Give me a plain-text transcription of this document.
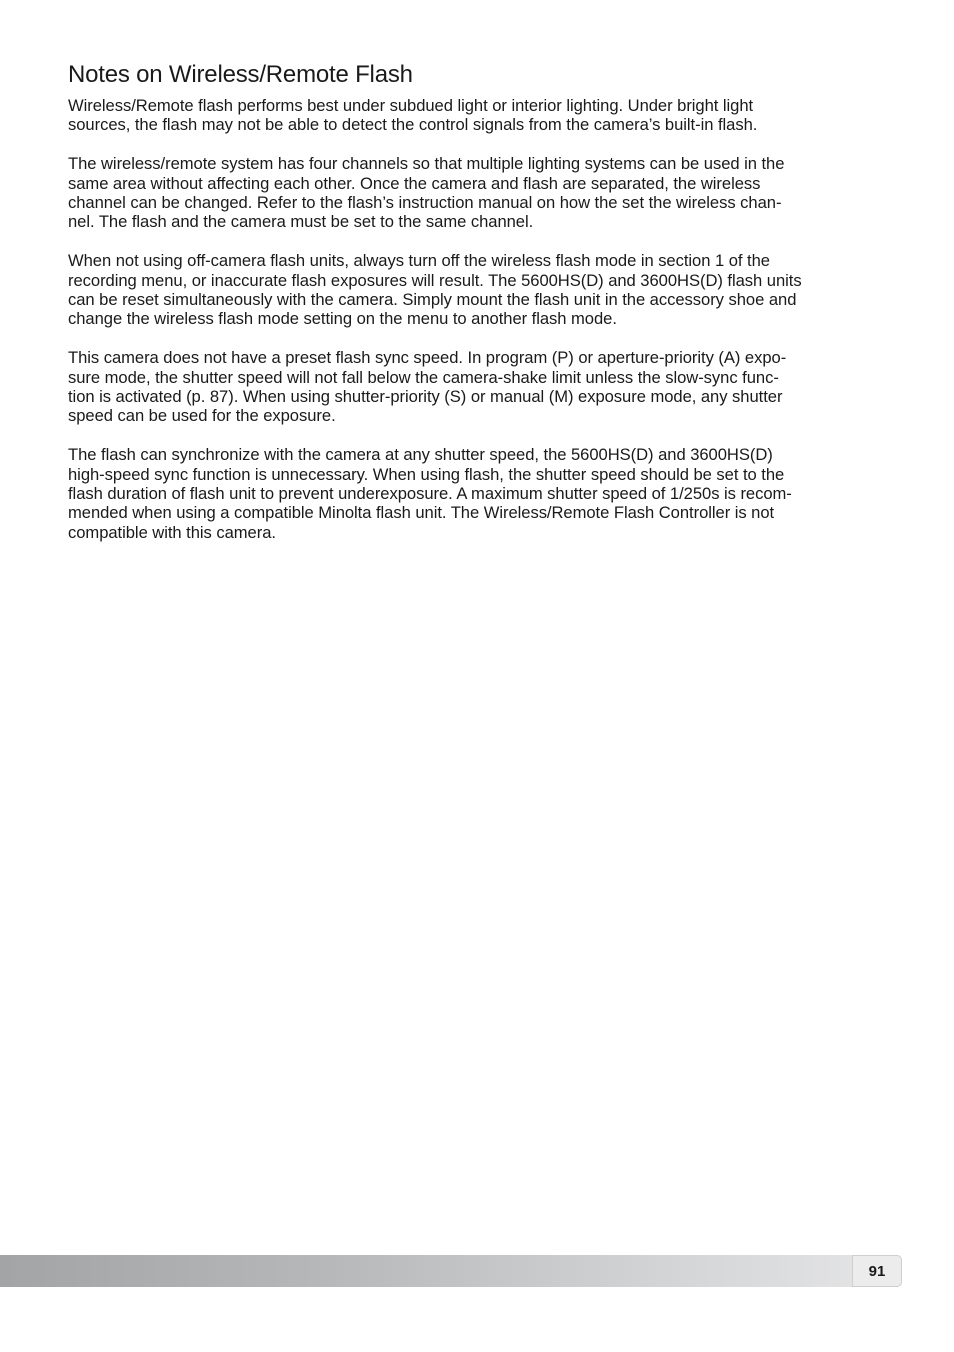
Notes on Wireless/Remote Flash

Wireless/Remote flash performs best under subdued light or interior lighting. Under bright light
sources, the flash may not be able to detect the control signals from the camera’s built-in flash.

The wireless/remote system has four channels so that multiple lighting systems can be used in the
same area without affecting each other. Once the camera and flash are separated, the wireless
channel can be changed. Refer to the flash’s instruction manual on how the set the wireless chan-
nel. The flash and the camera must be set to the same channel.

When not using off-camera flash units, always turn off the wireless flash mode in section 1 of the
recording menu, or inaccurate flash exposures will result. The 5600HS(D) and 3600HS(D) flash units
can be reset simultaneously with the camera. Simply mount the flash unit in the accessory shoe and
change the wireless flash mode setting on the menu to another flash mode.

This camera does not have a preset flash sync speed. In program (P) or aperture-priority (A) expo-
sure mode, the shutter speed will not fall below the camera-shake limit unless the slow-sync func-
tion is activated (p. 87). When using shutter-priority (S) or manual (M) exposure mode, any shutter
speed can be used for the exposure.

The flash can synchronize with the camera at any shutter speed, the 5600HS(D) and 3600HS(D)
high-speed sync function is unnecessary. When using flash, the shutter speed should be set to the
flash duration of flash unit to prevent underexposure. A maximum shutter speed of 1/250s is recom-
mended when using a compatible Minolta flash unit. The Wireless/Remote Flash Controller is not
compatible with this camera.

91
